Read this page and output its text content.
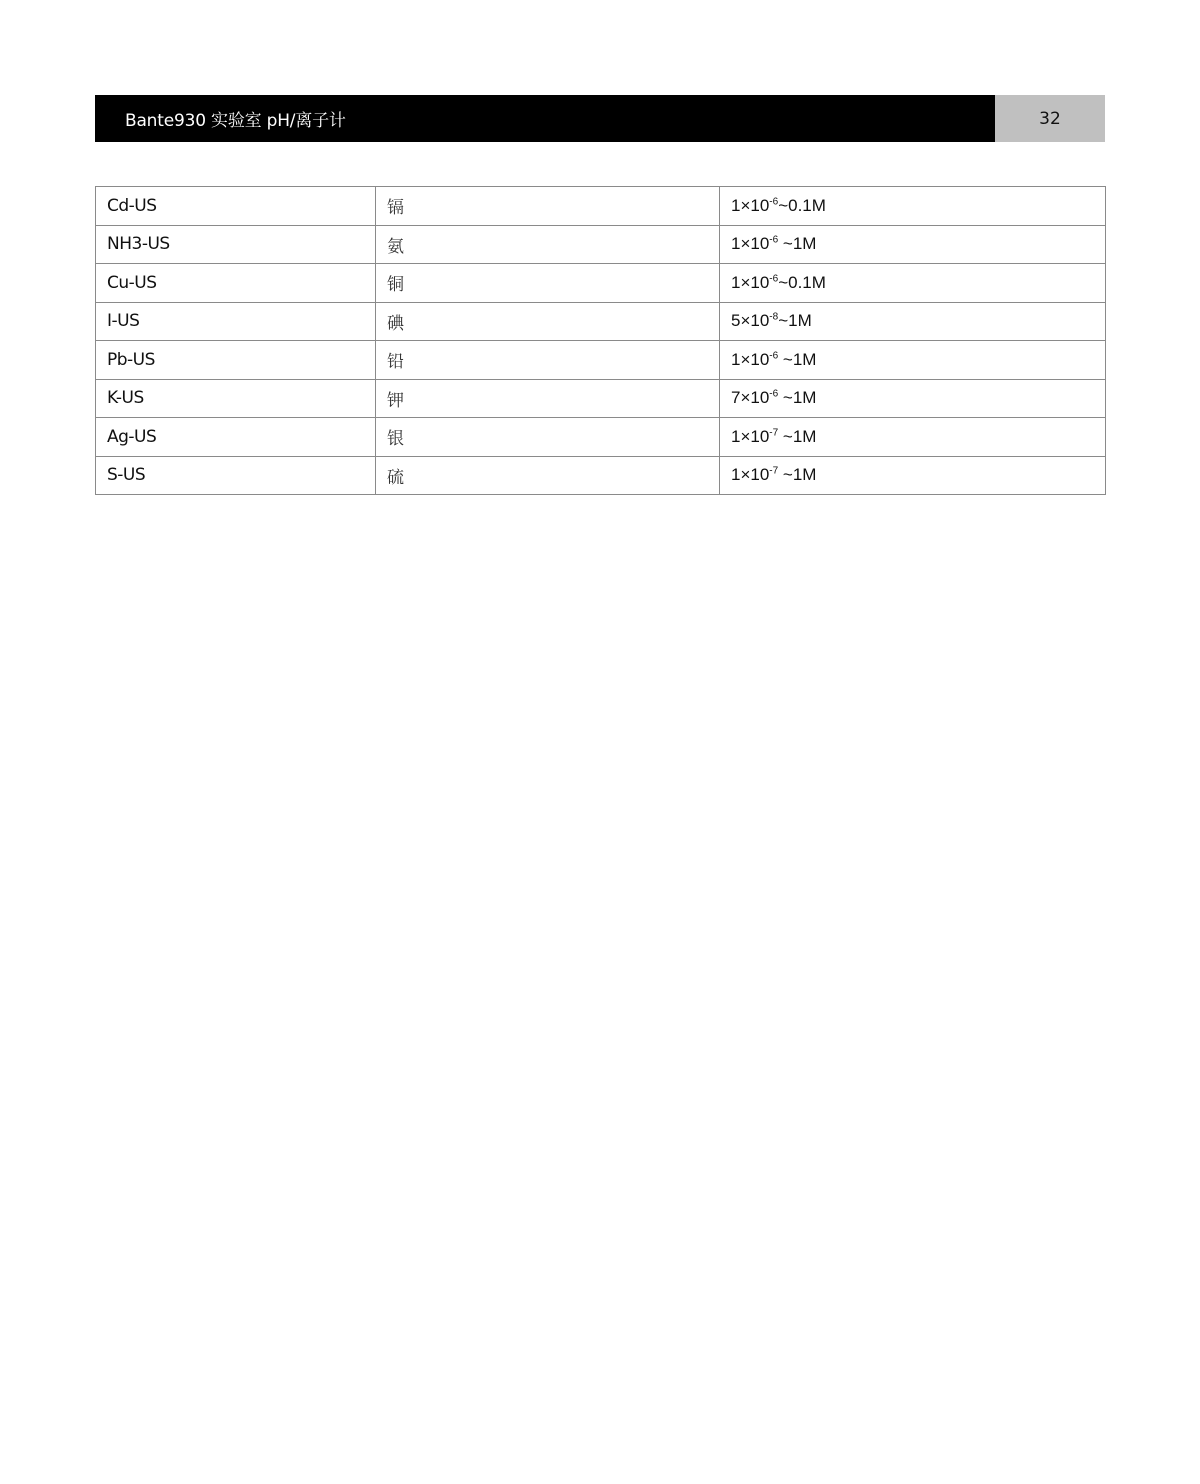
Bante930 实验室 pH/离子计	32
Cd-US	镉	$1\times 10^{-6}\sim 0.1M$
NH3-US	氨	$1\times 10^{-6}$ ~1M
Cu-US	铜	$1\times 10^{-6}\sim 0.1M$
I-US	碘	$5\times 10^{-8}\sim 1M$
Pb-US	铅	$1\times 10^{-6}$ ~1M
K-US	钾	$7\times 10^{-6}$ ~1M
Ag-US	银	$1\times 10^{-7}$ ~1M
S-US	硫	$1\times 10^{-7}$ ~1M
